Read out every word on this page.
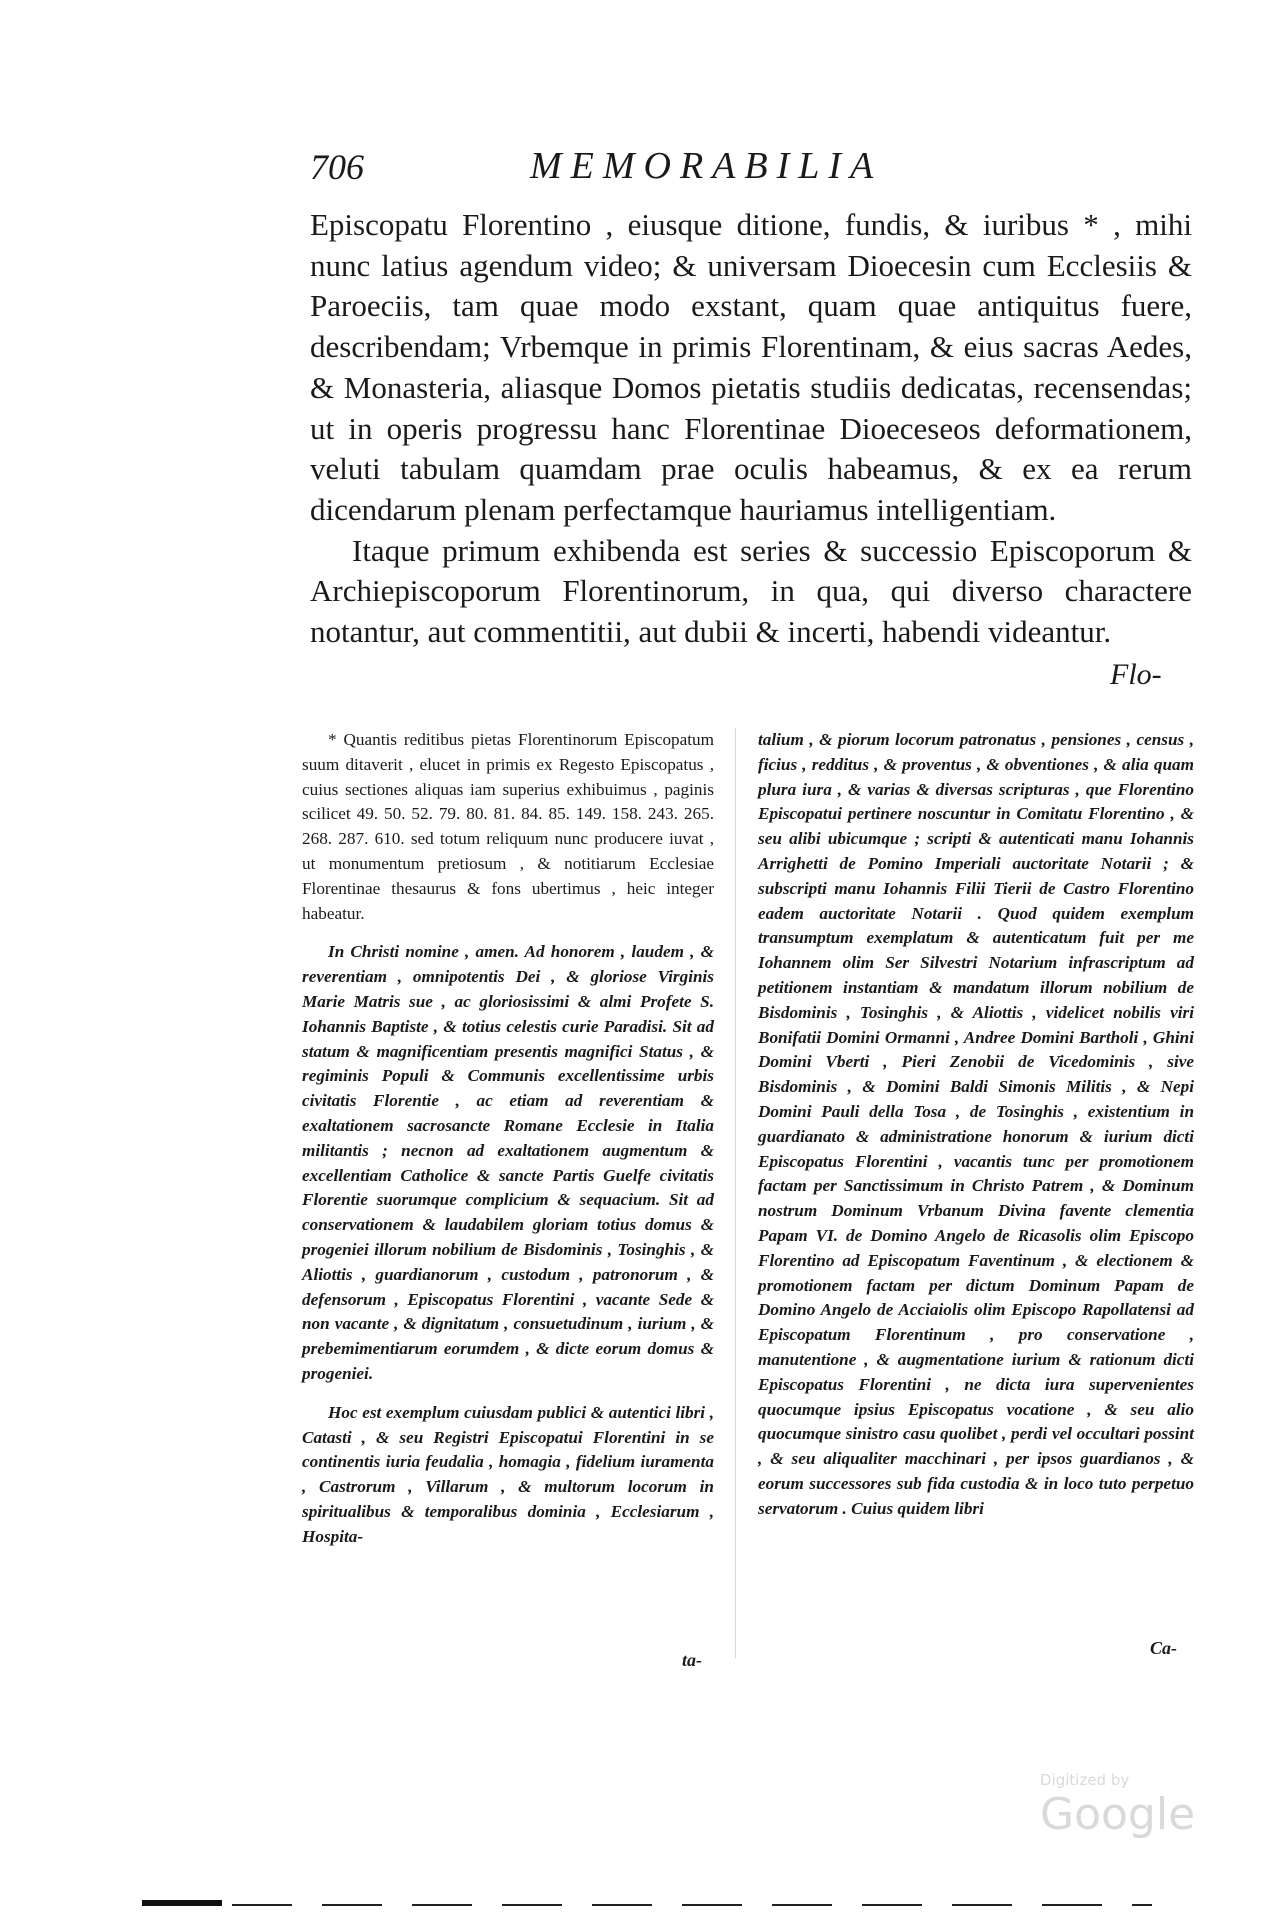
706	MEMORABILIA

Episcopatu Florentino , eiusque ditione, fundis, & iuribus * , mihi nunc latius agendum video; & universam Dioecesin cum Ecclesiis & Paroeciis, tam quae modo exstant, quam quae antiquitus fuere, describendam; Vrbemque in primis Florentinam, & eius sacras Aedes, & Monasteria, aliasque Domos pietatis studiis dedicatas, recensendas; ut in operis progressu hanc Florentinae Dioeceseos deformationem, veluti tabulam quamdam prae oculis habeamus, & ex ea rerum dicendarum plenam perfectamque hauriamus intelligentiam.

Itaque primum exhibenda est series & successio Episcoporum & Archiepiscoporum Florentinorum, in qua, qui diverso charactere notantur, aut commentitii, aut dubii & incerti, habendi videantur.

Flo-

* Quantis reditibus pietas Florentinorum Episcopatum suum ditaverit , elucet in primis ex Regesto Episcopatus , cuius sectiones aliquas iam superius exhibuimus , paginis scilicet 49. 50. 52. 79. 80. 81. 84. 85. 149. 158. 243. 265. 268. 287. 610. sed totum reliquum nunc producere iuvat , ut monumentum pretiosum , & notitiarum Ecclesiae Florentinae thesaurus & fons ubertimus , heic integer habeatur.

In Christi nomine , amen. Ad honorem , laudem , & reverentiam , omnipotentis Dei , & gloriose Virginis Marie Matris sue , ac gloriosissimi & almi Profete S. Iohannis Baptiste , & totius celestis curie Paradisi. Sit ad statum & magnificentiam presentis magnifici Status , & regiminis Populi & Communis excellentissime urbis civitatis Florentie , ac etiam ad reverentiam & exaltationem sacrosancte Romane Ecclesie in Italia militantis ; necnon ad exaltationem augmentum & excellentiam Catholice & sancte Partis Guelfe civitatis Florentie suorumque complicium & sequacium. Sit ad conservationem & laudabilem gloriam totius domus & progeniei illorum nobilium de Bisdominis , Tosinghis , & Aliottis , guardianorum , custodum , patronorum , & defensorum , Episcopatus Florentini , vacante Sede & non vacante , & dignitatum , consuetudinum , iurium , & prebemimentiarum eorumdem , & dicte eorum domus & progeniei.

Hoc est exemplum cuiusdam publici & autentici libri , Catasti , & seu Registri Episcopatui Florentini in se continentis iuria feudalia , homagia , fidelium iuramenta , Castrorum , Villarum , & multorum locorum in spiritualibus & temporalibus dominia , Ecclesiarum , Hospita-

ta-

talium , & piorum locorum patronatus , pensiones , census , ficius , redditus , & proventus , & obventiones , & alia quam plura iura , & varias & diversas scripturas , que Florentino Episcopatui pertinere noscuntur in Comitatu Florentino , & seu alibi ubicumque ; scripti & autenticati manu Iohannis Arrighetti de Pomino Imperiali auctoritate Notarii ; & subscripti manu Iohannis Filii Tierii de Castro Florentino eadem auctoritate Notarii . Quod quidem exemplum transumptum exemplatum & autenticatum fuit per me Iohannem olim Ser Silvestri Notarium infrascriptum ad petitionem instantiam & mandatum illorum nobilium de Bisdominis , Tosinghis , & Aliottis , videlicet nobilis viri Bonifatii Domini Ormanni , Andree Domini Bartholi , Ghini Domini Vberti , Pieri Zenobii de Vicedominis , sive Bisdominis , & Domini Baldi Simonis Militis , & Nepi Domini Pauli della Tosa , de Tosinghis , existentium in guardianato & administratione honorum & iurium dicti Episcopatus Florentini , vacantis tunc per promotionem factam per Sanctissimum in Christo Patrem , & Dominum nostrum Dominum Vrbanum Divina favente clementia Papam VI. de Domino Angelo de Ricasolis olim Episcopo Florentino ad Episcopatum Faventinum , & electionem & promotionem factam per dictum Dominum Papam de Domino Angelo de Acciaiolis olim Episcopo Rapollatensi ad Episcopatum Florentinum , pro conservatione , manutentione , & augmentatione iurium & rationum dicti Episcopatus Florentini , ne dicta iura supervenientes quocumque ipsius Episcopatus vocatione , & seu alio quocumque sinistro casu quolibet , perdi vel occultari possint , & seu aliqualiter macchinari , per ipsos guardianos , & eorum successores sub fida custodia & in loco tuto perpetuo servatorum . Cuius quidem libri

Ca-
Digitized by Google
